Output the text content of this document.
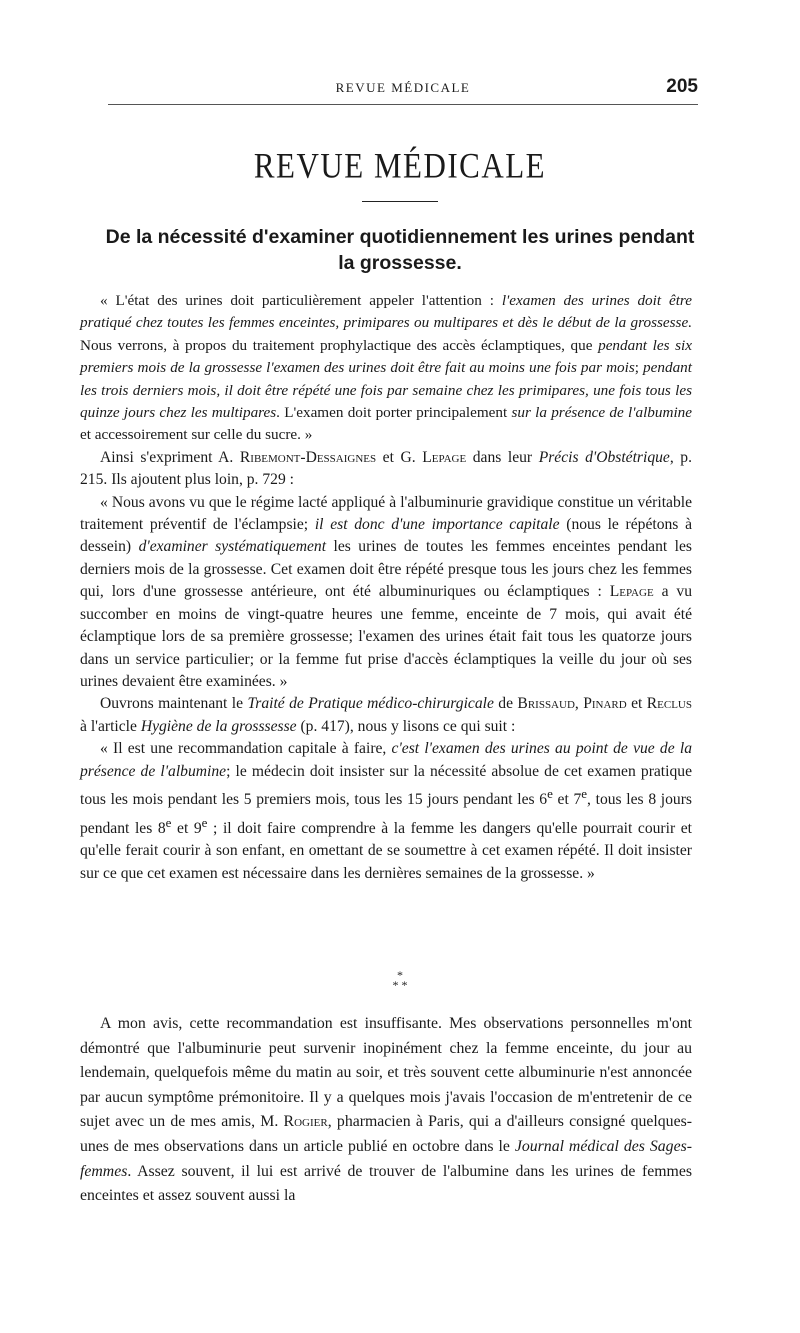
REVUE MÉDICALE	205
REVUE MÉDICALE
De la nécessité d'examiner quotidiennement les urines pendant la grossesse.

« L'état des urines doit particulièrement appeler l'attention : l'examen des urines doit être pratiqué chez toutes les femmes enceintes, primipares ou multipares et dès le début de la grossesse. Nous verrons, à propos du traitement prophylactique des accès éclamptiques, que pendant les six premiers mois de la grossesse l'examen des urines doit être fait au moins une fois par mois; pendant les trois derniers mois, il doit être répété une fois par semaine chez les primipares, une fois tous les quinze jours chez les multipares. L'examen doit porter principalement sur la présence de l'albumine et accessoirement sur celle du sucre. »

Ainsi s'expriment A. Ribemont-Dessaignes et G. Lepage dans leur Précis d'Obstétrique, p. 215. Ils ajoutent plus loin, p. 729 :

« Nous avons vu que le régime lacté appliqué à l'albuminurie gravidique constitue un véritable traitement préventif de l'éclampsie; il est donc d'une importance capitale (nous le répétons à dessein) d'examiner systématiquement les urines de toutes les femmes enceintes pendant les derniers mois de la grossesse. Cet examen doit être répété presque tous les jours chez les femmes qui, lors d'une grossesse antérieure, ont été albuminuriques ou éclamptiques : Lepage a vu succomber en moins de vingt-quatre heures une femme, enceinte de 7 mois, qui avait été éclamptique lors de sa première grossesse; l'examen des urines était fait tous les quatorze jours dans un service particulier; or la femme fut prise d'accès éclamptiques la veille du jour où ses urines devaient être examinées. »

Ouvrons maintenant le Traité de Pratique médico-chirurgicale de Brissaud, Pinard et Reclus à l'article Hygiène de la grosssesse (p. 417), nous y lisons ce qui suit :

« Il est une recommandation capitale à faire, c'est l'examen des urines au point de vue de la présence de l'albumine; le médecin doit insister sur la nécessité absolue de cet examen pratique tous les mois pendant les 5 premiers mois, tous les 15 jours pendant les 6e et 7e, tous les 8 jours pendant les 8e et 9e ; il doit faire comprendre à la femme les dangers qu'elle pourrait courir et qu'elle ferait courir à son enfant, en omettant de se soumettre à cet examen répété. Il doit insister sur ce que cet examen est nécessaire dans les dernières semaines de la grossesse. »

*
* *

A mon avis, cette recommandation est insuffisante. Mes observations personnelles m'ont démontré que l'albuminurie peut survenir inopinément chez la femme enceinte, du jour au lendemain, quelquefois même du matin au soir, et très souvent cette albuminurie n'est annoncée par aucun symptôme prémonitoire. Il y a quelques mois j'avais l'occasion de m'entretenir de ce sujet avec un de mes amis, M. Rogier, pharmacien à Paris, qui a d'ailleurs consigné quelques-unes de mes observations dans un article publié en octobre dans le Journal médical des Sages-femmes. Assez souvent, il lui est arrivé de trouver de l'albumine dans les urines de femmes enceintes et assez souvent aussi la
